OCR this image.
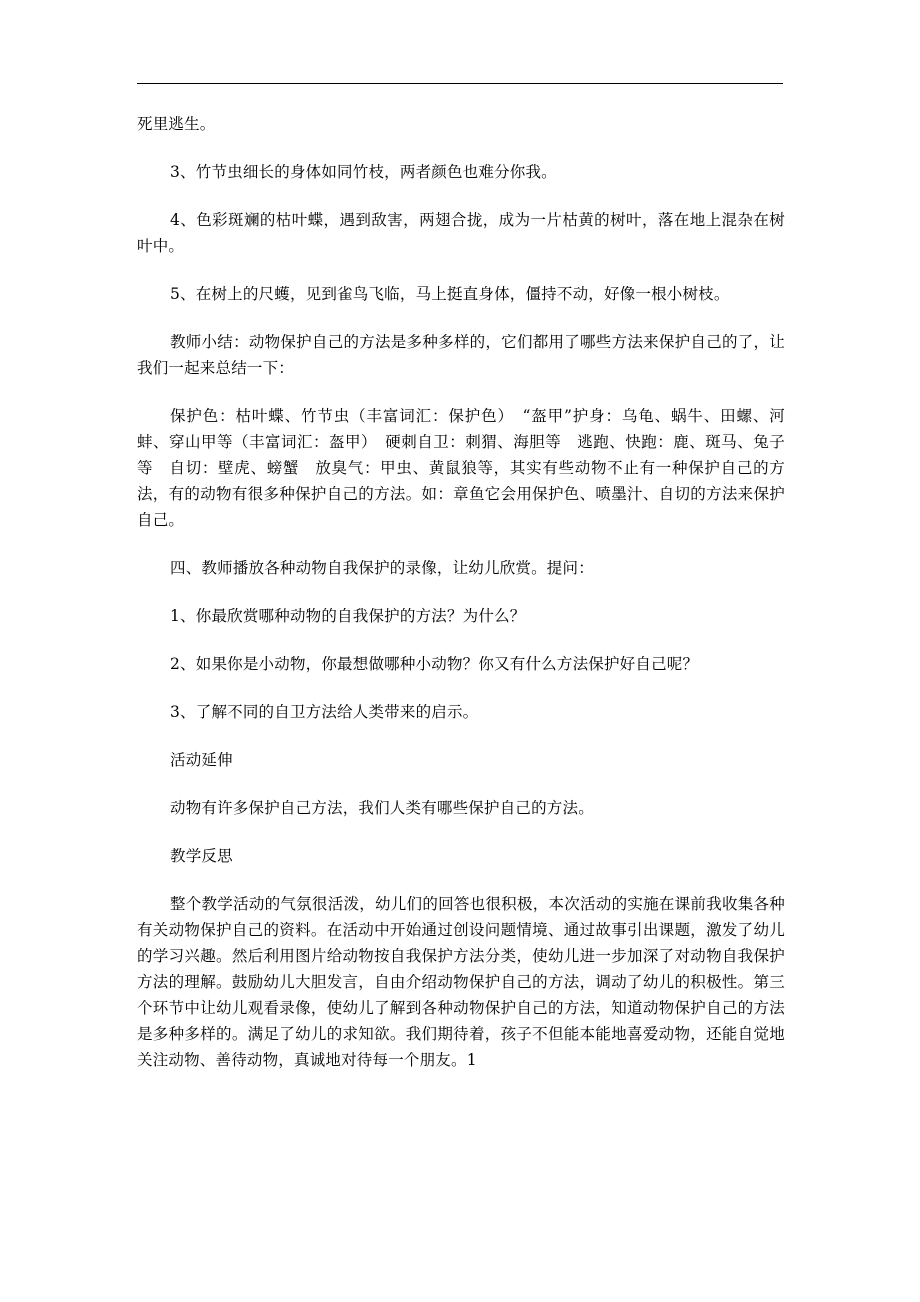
死里逃生。

3、竹节虫细长的身体如同竹枝，两者颜色也难分你我。

4、色彩斑斓的枯叶蝶，遇到敌害，两翅合拢，成为一片枯黄的树叶，落在地上混杂在树叶中。

5、在树上的尺蠖，见到雀鸟飞临，马上挺直身体，僵持不动，好像一根小树枝。

教师小结：动物保护自己的方法是多种多样的，它们都用了哪些方法来保护自己的了，让我们一起来总结一下：

保护色：枯叶蝶、竹节虫（丰富词汇：保护色）　“盔甲”护身：乌龟、蜗牛、田螺、河蚌、穿山甲等（丰富词汇：盔甲）　硬刺自卫：刺猬、海胆等　逃跑、快跑：鹿、斑马、兔子等　自切：壁虎、螃蟹　放臭气：甲虫、黄鼠狼等，其实有些动物不止有一种保护自己的方法，有的动物有很多种保护自己的方法。如：章鱼它会用保护色、喷墨汁、自切的方法来保护自己。

四、教师播放各种动物自我保护的录像，让幼儿欣赏。提问：

1、你最欣赏哪种动物的自我保护的方法？为什么？

2、如果你是小动物，你最想做哪种小动物？你又有什么方法保护好自己呢？

3、了解不同的自卫方法给人类带来的启示。

活动延伸

动物有许多保护自己方法，我们人类有哪些保护自己的方法。

教学反思

整个教学活动的气氛很活泼，幼儿们的回答也很积极，本次活动的实施在课前我收集各种有关动物保护自己的资料。在活动中开始通过创设问题情境、通过故事引出课题，激发了幼儿的学习兴趣。然后利用图片给动物按自我保护方法分类，使幼儿进一步加深了对动物自我保护方法的理解。鼓励幼儿大胆发言，自由介绍动物保护自己的方法，调动了幼儿的积极性。第三个环节中让幼儿观看录像，使幼儿了解到各种动物保护自己的方法，知道动物保护自己的方法是多种多样的。满足了幼儿的求知欲。我们期待着，孩子不但能本能地喜爱动物，还能自觉地关注动物、善待动物，真诚地对待每一个朋友。1
